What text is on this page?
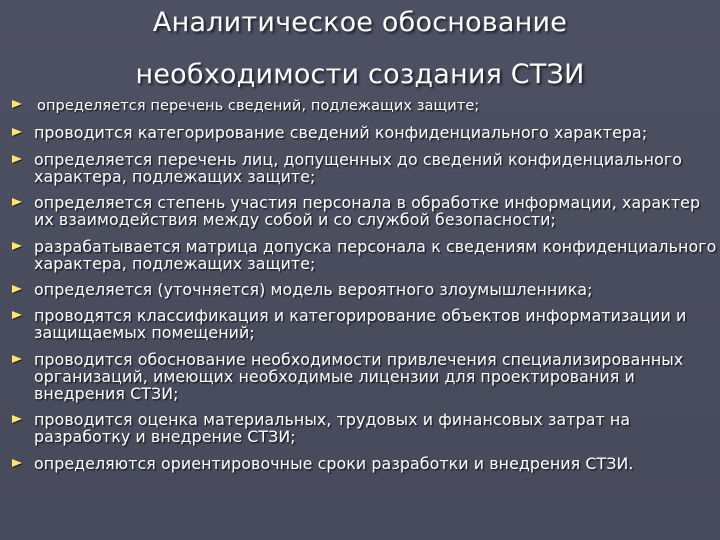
Аналитическое обоснование
необходимости создания СТЗИ
определяется перечень сведений, подлежащих защите;
проводится категорирование сведений конфиденциального характера;
определяется перечень лиц, допущенных до сведений конфиденциального характера, подлежащих защите;
определяется степень участия персонала в обработке информации, характер их взаимодействия между собой и со службой безопасности;
разрабатывается матрица допуска персонала к сведениям конфиденциального характера, подлежащих защите;
определяется (уточняется) модель вероятного злоумышленника;
проводятся классификация и категорирование объектов информатизации и защищаемых помещений;
проводится обоснование необходимости привлечения специализированных организаций, имеющих необходимые лицензии для проектирования и внедрения СТЗИ;
проводится оценка материальных, трудовых и финансовых затрат на разработку и внедрение СТЗИ;
определяются ориентировочные сроки разработки и внедрения СТЗИ.
